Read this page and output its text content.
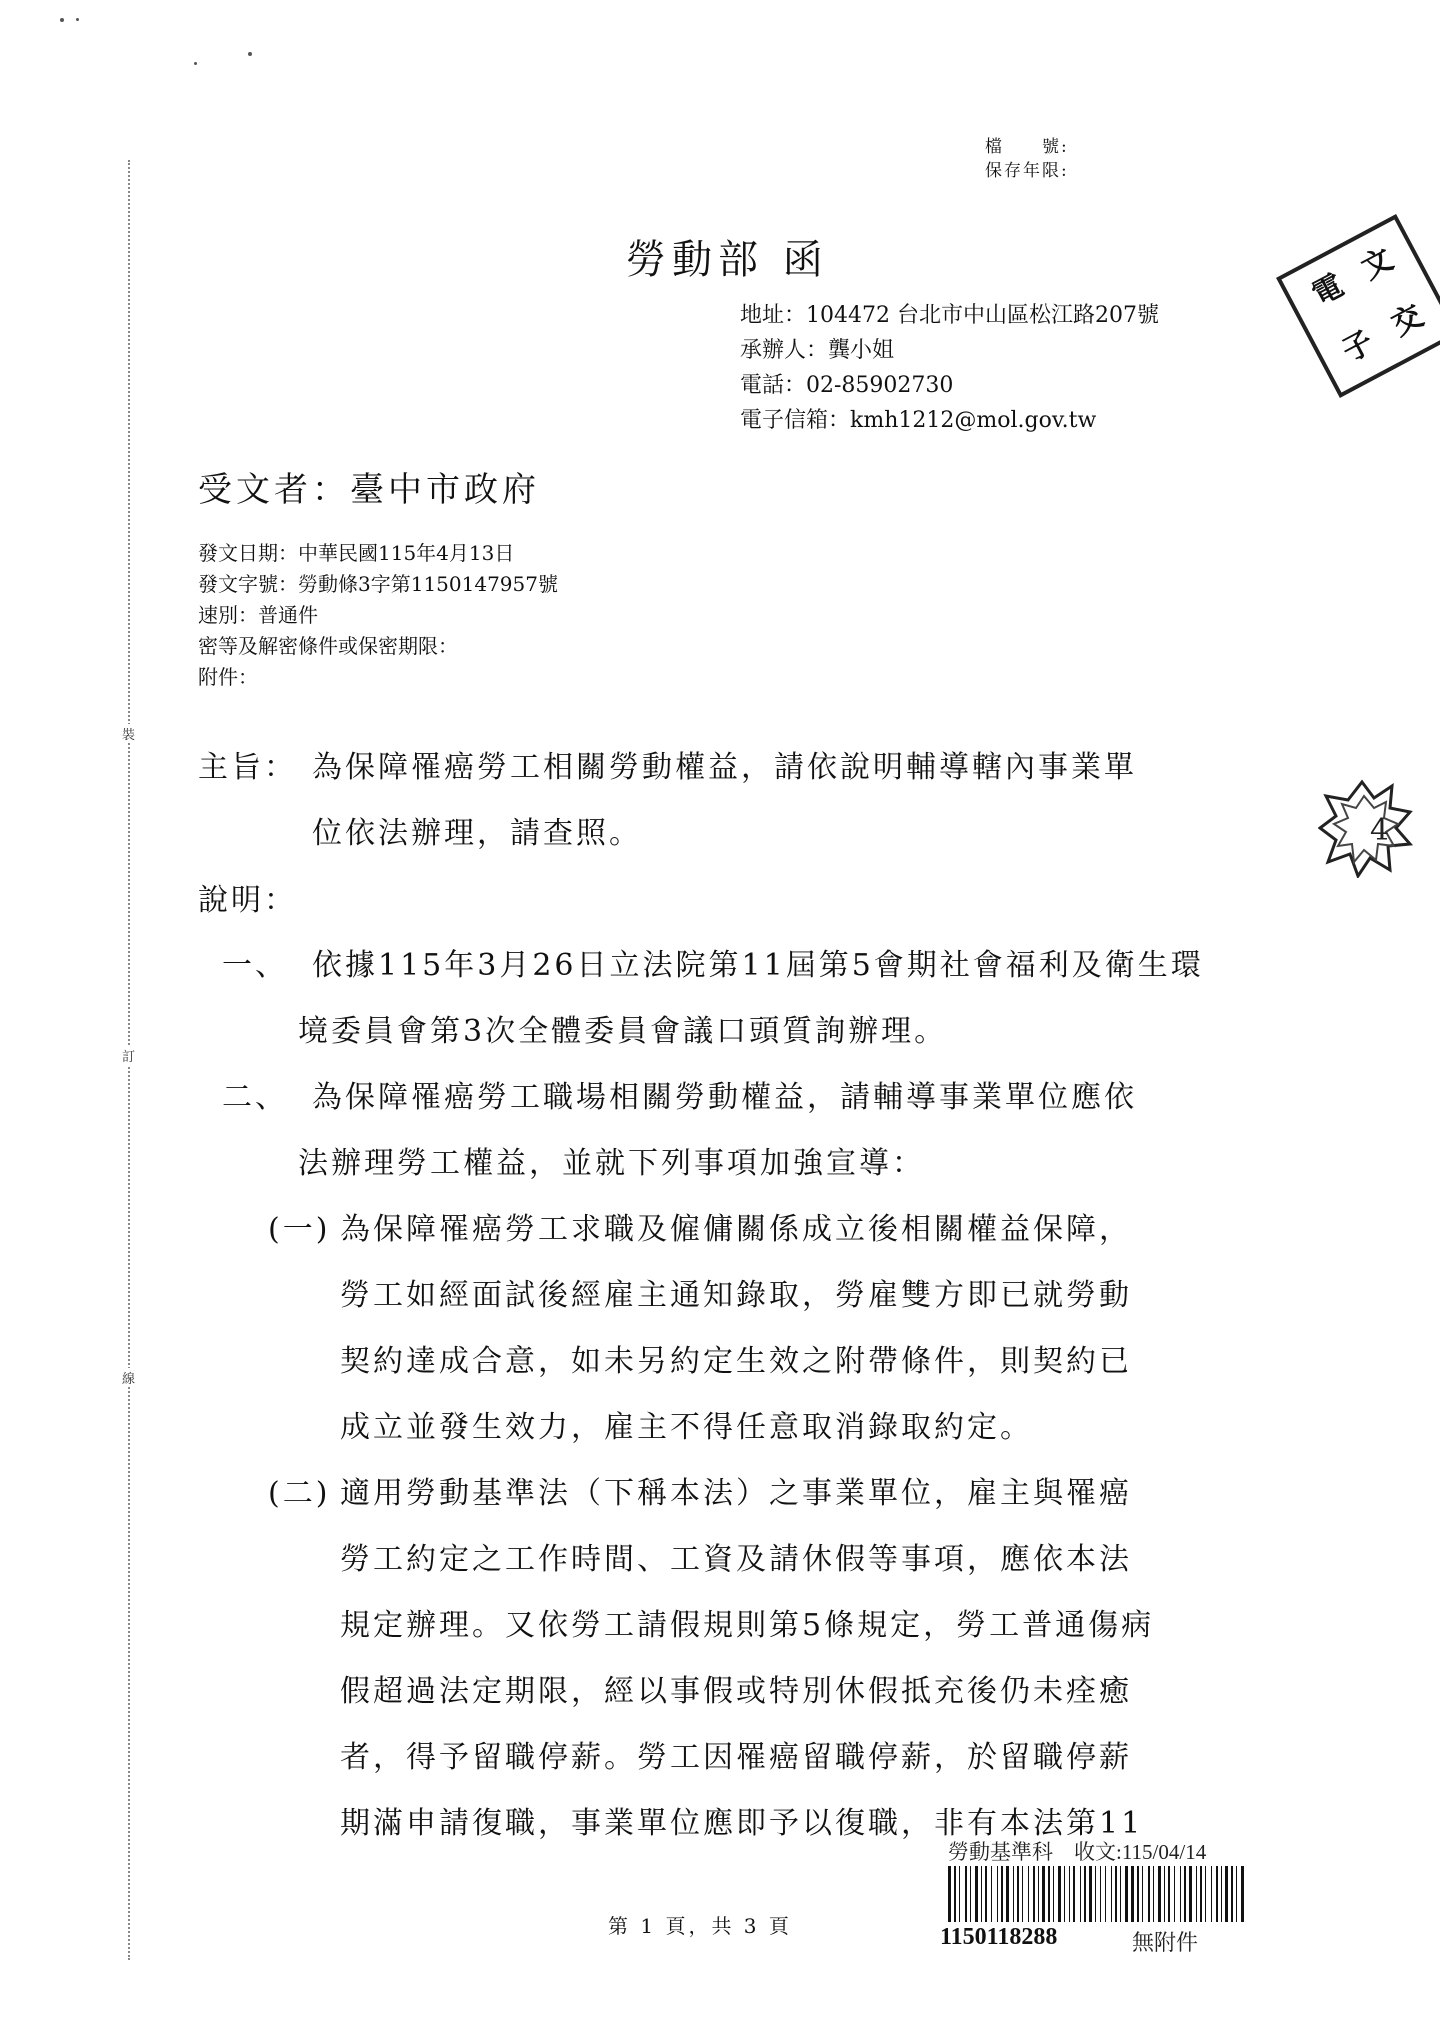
裝
訂
線
檔　　號:
保存年限:
勞動部 函
地址：104472 台北市中山區松江路207號
承辦人：龔小姐
電話：02-85902730
電子信箱：kmh1212@mol.gov.tw
電
文
子
交
受文者：臺中市政府
發文日期：中華民國115年4月13日
發文字號：勞動條3字第1150147957號
速別：普通件
密等及解密條件或保密期限：
附件：
主旨： 為保障罹癌勞工相關勞動權益，請依說明輔導轄內事業單
位依法辦理，請查照。	4
說明：
一、 依據115年3月26日立法院第11屆第5會期社會福利及衛生環
境委員會第3次全體委員會議口頭質詢辦理。
二、 為保障罹癌勞工職場相關勞動權益，請輔導事業單位應依
法辦理勞工權益，並就下列事項加強宣導：
(一) 為保障罹癌勞工求職及僱傭關係成立後相關權益保障，
勞工如經面試後經雇主通知錄取，勞雇雙方即已就勞動
契約達成合意，如未另約定生效之附帶條件，則契約已
成立並發生效力，雇主不得任意取消錄取約定。
(二) 適用勞動基準法（下稱本法）之事業單位，雇主與罹癌
勞工約定之工作時間、工資及請休假等事項，應依本法
規定辦理。又依勞工請假規則第5條規定，勞工普通傷病
假超過法定期限，經以事假或特別休假抵充後仍未痊癒
者，得予留職停薪。勞工因罹癌留職停薪，於留職停薪
期滿申請復職，事業單位應即予以復職，非有本法第11
勞動基準科　收文:115/04/14
1150118288	無附件
第 1 頁，共 3 頁
